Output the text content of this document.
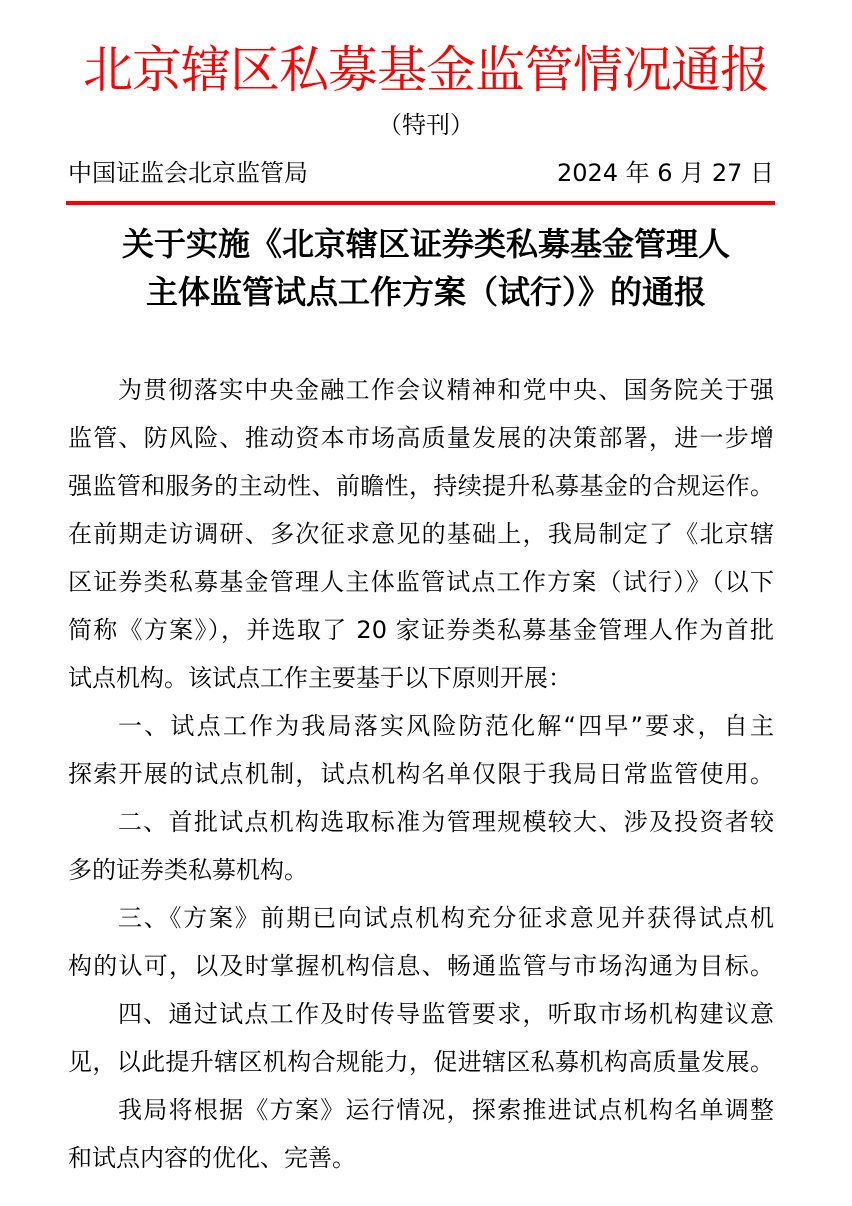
北京辖区私募基金监管情况通报
（特刊）
中国证监会北京监管局	2024 年 6 月 27 日
关于实施《北京辖区证券类私募基金管理人
主体监管试点工作方案（试行）》的通报
为贯彻落实中央金融工作会议精神和党中央、国务院关于强
监管、防风险、推动资本市场高质量发展的决策部署，进一步增
强监管和服务的主动性、前瞻性，持续提升私募基金的合规运作。
在前期走访调研、多次征求意见的基础上，我局制定了《北京辖
区证券类私募基金管理人主体监管试点工作方案（试行）》（以下
简称《方案》），并选取了 20 家证券类私募基金管理人作为首批
试点机构。该试点工作主要基于以下原则开展：
一、试点工作为我局落实风险防范化解“四早”要求，自主
探索开展的试点机制，试点机构名单仅限于我局日常监管使用。
二、首批试点机构选取标准为管理规模较大、涉及投资者较
多的证券类私募机构。
三、《方案》前期已向试点机构充分征求意见并获得试点机
构的认可，以及时掌握机构信息、畅通监管与市场沟通为目标。
四、通过试点工作及时传导监管要求，听取市场机构建议意
见，以此提升辖区机构合规能力，促进辖区私募机构高质量发展。
我局将根据《方案》运行情况，探索推进试点机构名单调整
和试点内容的优化、完善。
